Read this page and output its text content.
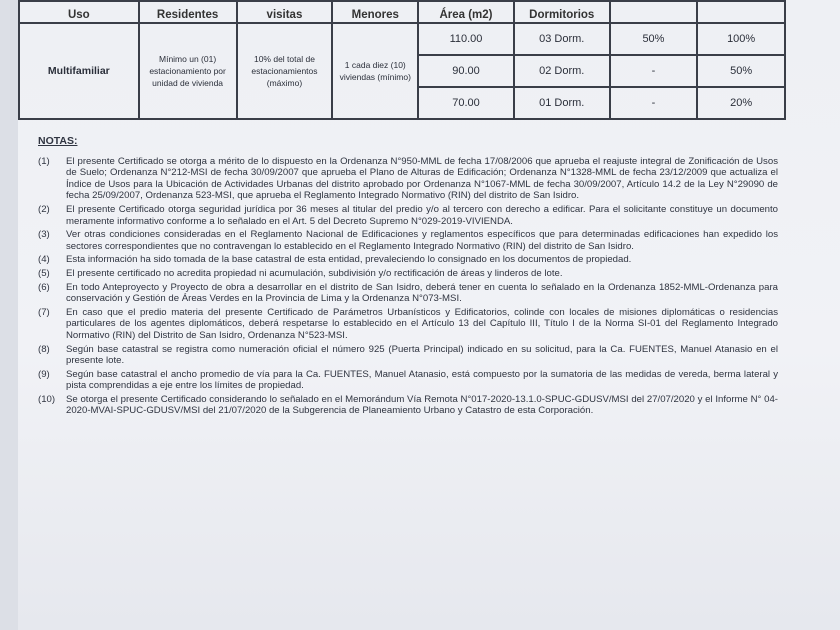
Uso	Residentes	visitas	Menores	Área (m2)	Dormitorios		
Multifamiliar	Mínimo un (01) estacionamiento por unidad de vivienda	10% del total de estacionamientos (máximo)	1 cada diez (10) viviendas (mínimo)	110.00	03 Dorm.	50%	100%
				90.00	02 Dorm.	-	50%
				70.00	01 Dorm.	-	20%
NOTAS:
(1)	El presente Certificado se otorga a mérito de lo dispuesto en la Ordenanza N°950-MML de fecha 17/08/2006 que aprueba el reajuste integral de Zonificación de Usos de Suelo; Ordenanza N°212-MSI de fecha 30/09/2007 que aprueba el Plano de Alturas de Edificación; Ordenanza N°1328-MML de fecha 23/12/2009 que actualiza el Índice de Usos para la Ubicación de Actividades Urbanas del distrito aprobado por Ordenanza N°1067-MML de fecha 30/09/2007, Artículo 14.2 de la Ley N°29090 de fecha 25/09/2007, Ordenanza 523-MSI, que aprueba el Reglamento Integrado Normativo (RIN) del distrito de San Isidro.
(2)	El presente Certificado otorga seguridad jurídica por 36 meses al titular del predio y/o al tercero con derecho a edificar. Para el solicitante constituye un documento meramente informativo conforme a lo señalado en el Art. 5 del Decreto Supremo N°029-2019-VIVIENDA.
(3)	Ver otras condiciones consideradas en el Reglamento Nacional de Edificaciones y reglamentos específicos que para determinadas edificaciones han expedido los sectores correspondientes que no contravengan lo establecido en el Reglamento Integrado Normativo (RIN) del distrito de San Isidro.
(4)	Esta información ha sido tomada de la base catastral de esta entidad, prevaleciendo lo consignado en los documentos de propiedad.
(5)	El presente certificado no acredita propiedad ni acumulación, subdivisión y/o rectificación de áreas y linderos de lote.
(6)	En todo Anteproyecto y Proyecto de obra a desarrollar en el distrito de San Isidro, deberá tener en cuenta lo señalado en la Ordenanza 1852-MML-Ordenanza para conservación y Gestión de Áreas Verdes en la Provincia de Lima y la Ordenanza N°073-MSI.
(7)	En caso que el predio materia del presente Certificado de Parámetros Urbanísticos y Edificatorios, colinde con locales de misiones diplomáticas o residencias particulares de los agentes diplomáticos, deberá respetarse lo establecido en el Artículo 13 del Capítulo III, Título I de la Norma SI-01 del Reglamento Integrado Normativo (RIN) del Distrito de San Isidro, Ordenanza N°523-MSI.
(8)	Según base catastral se registra como numeración oficial el número 925 (Puerta Principal) indicado en su solicitud, para la Ca. FUENTES, Manuel Atanasio en el presente lote.
(9)	Según base catastral el ancho promedio de vía para la Ca. FUENTES, Manuel Atanasio, está compuesto por la sumatoria de las medidas de vereda, berma lateral y pista comprendidas a eje entre los límites de propiedad.
(10)	Se otorga el presente Certificado considerando lo señalado en el Memorándum Vía Remota N°017-2020-13.1.0-SPUC-GDUSV/MSI del 27/07/2020 y el Informe N° 04-2020-MVAI-SPUC-GDUSV/MSI del 21/07/2020 de la Subgerencia de Planeamiento Urbano y Catastro de esta Corporación.
